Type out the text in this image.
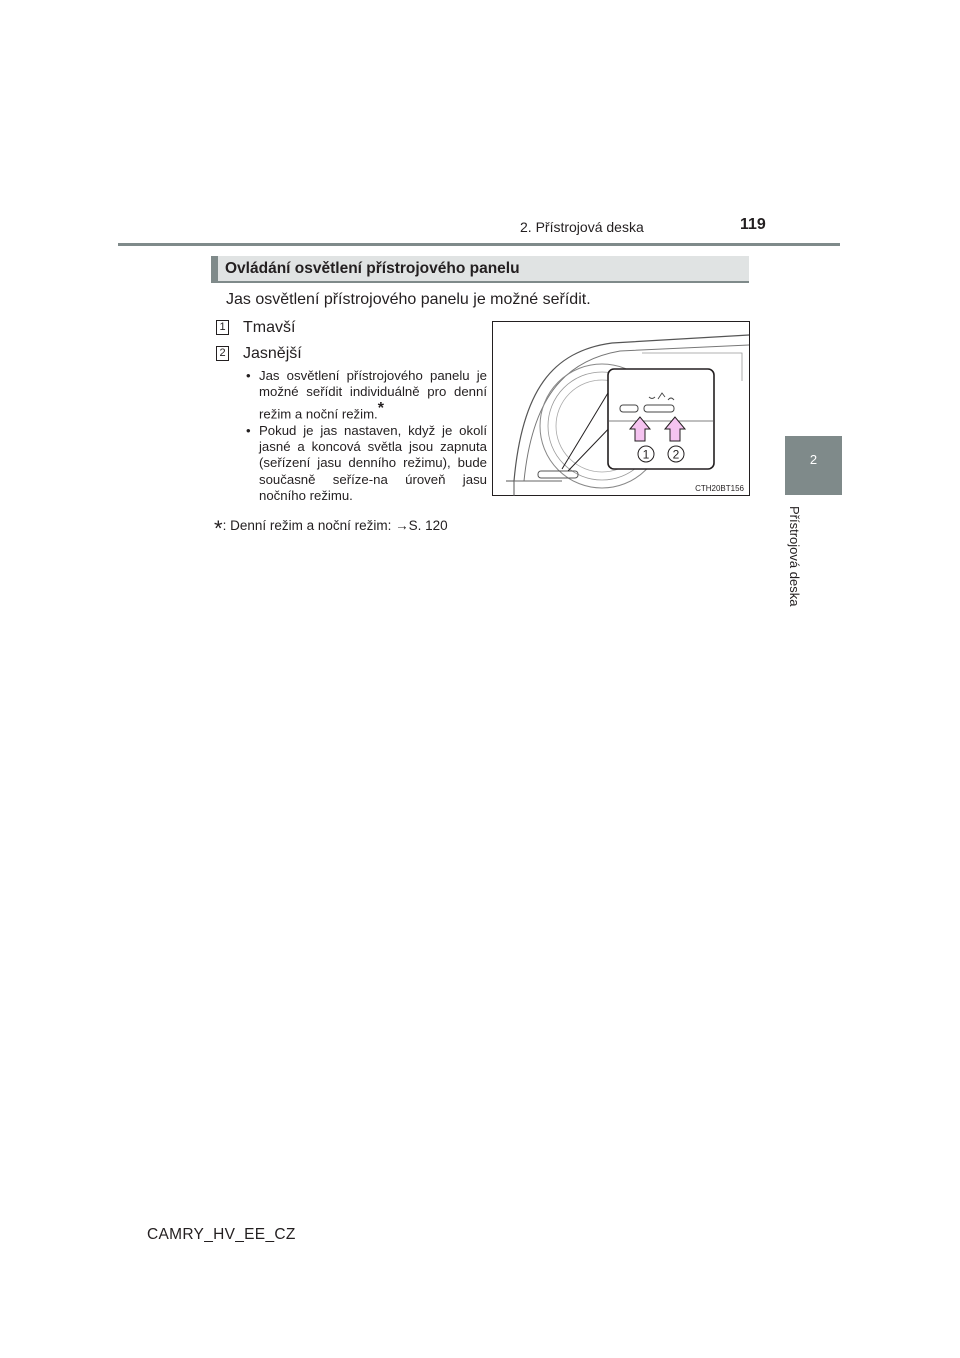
2. Přístrojová deska	119
2
Přístrojová deska
Ovládání osvětlení přístrojového panelu
Jas osvětlení přístrojového panelu je možné seřídit.
1 Tmavší
2 Jasnější
• Jas osvětlení přístrojového panelu je možné seřídit individuálně pro denní režim a noční režim.*
• Pokud je jas nastaven, když je okolí jasné a koncová světla jsou zapnuta (seřízení jasu denního režimu), bude současně seříze-na úroveň jasu nočního režimu.
*: Denní režim a noční režim: →S. 120
1 2
CTH20BT156
CAMRY_HV_EE_CZ
